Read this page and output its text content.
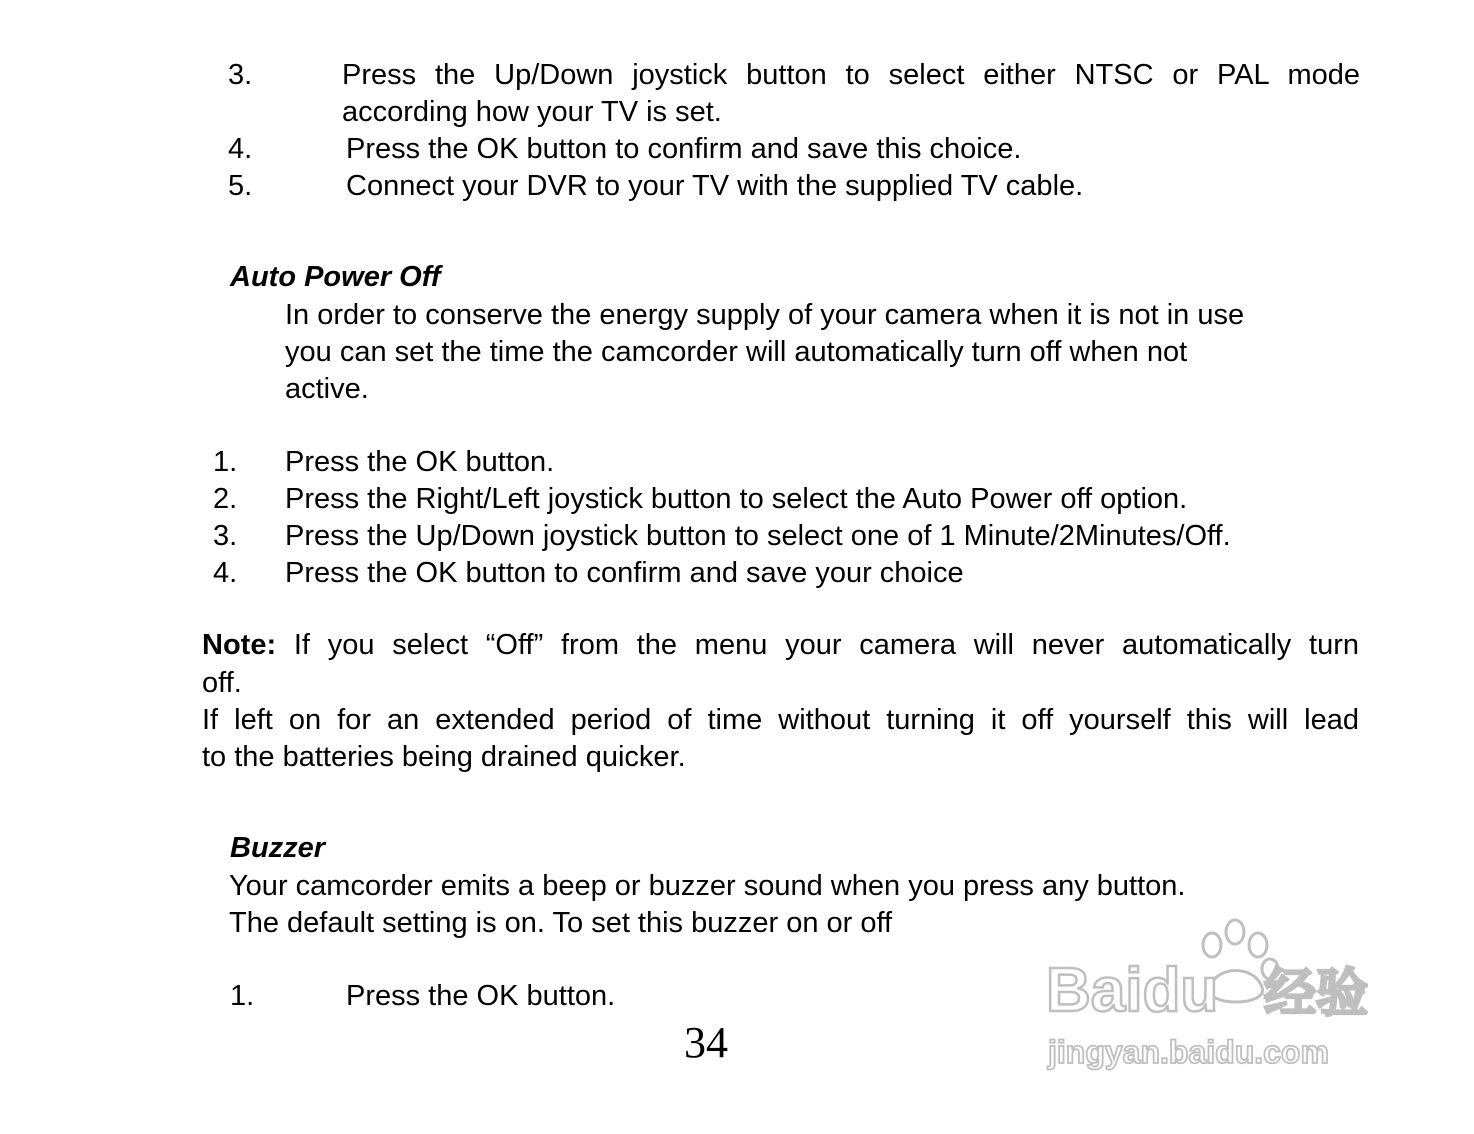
3.	Press the Up/Down joystick button to select either NTSC or PAL mode
according how your TV is set.
4.	Press the OK button to confirm and save this choice.
5.	Connect your DVR to your TV with the supplied TV cable.
Auto Power Off
In order to conserve the energy supply of your camera when it is not in use
you can set the time the camcorder will automatically turn off when not
active.
1. Press the OK button.
2. Press the Right/Left joystick button to select the Auto Power off option.
3. Press the Up/Down joystick button to select one of 1 Minute/2Minutes/Off.
4. Press the OK button to confirm and save your choice
Note: If you select “Off” from the menu your camera will never automatically turn
off.
If left on for an extended period of time without turning it off yourself this will lead
to the batteries being drained quicker.
Buzzer
Your camcorder emits a beep or buzzer sound when you press any button.
The default setting is on. To set this buzzer on or off
1.	Press the OK button.
34
Baidu 经验
jingyan.baidu.com
